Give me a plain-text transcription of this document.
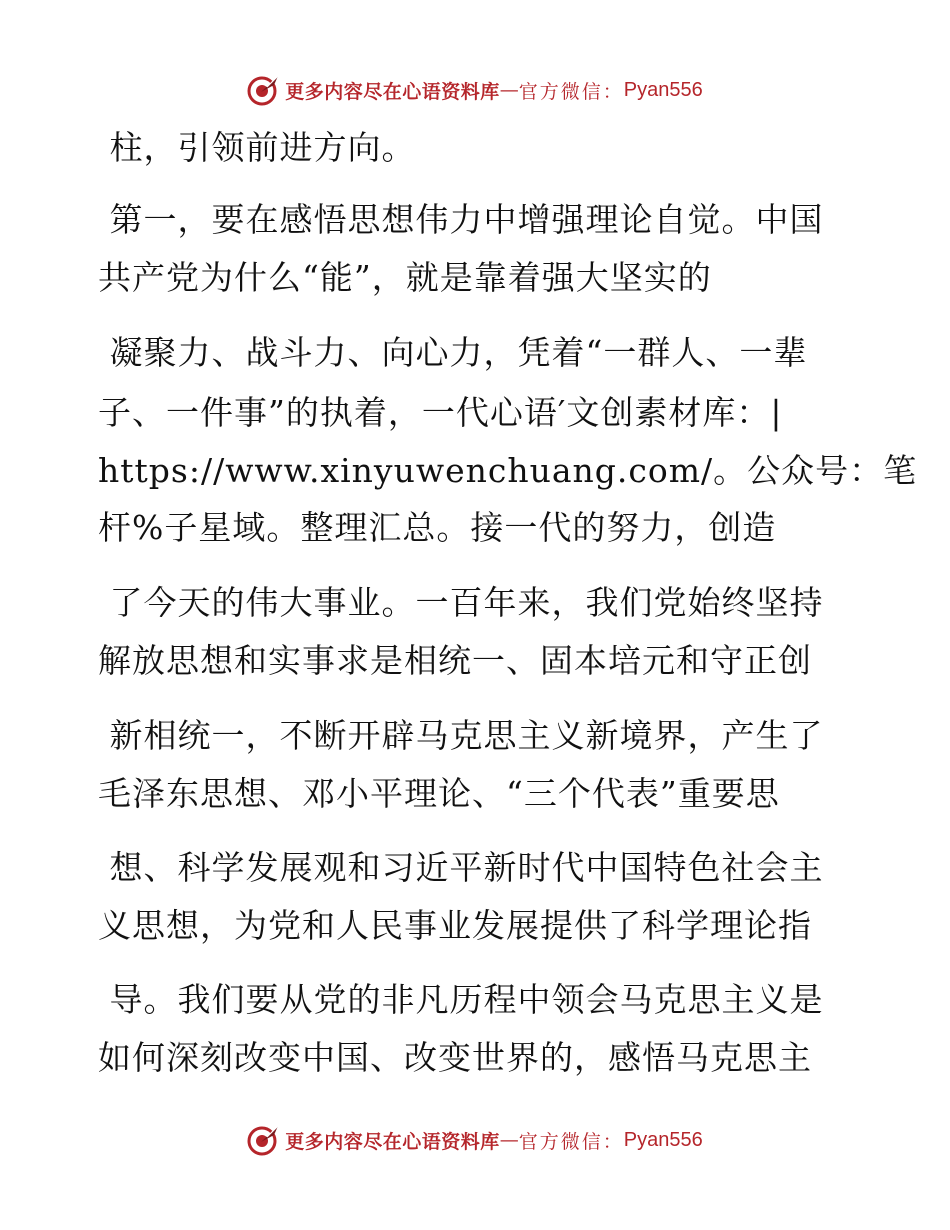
更多内容尽在心语资料库 — 官方微信： Pyan556
柱，引领前进方向。
第一，要在感悟思想伟力中增强理论自觉。中国
共产党为什么“能”，就是靠着强大坚实的
凝聚力、战斗力、向心力，凭着“一群人、一辈
子、一件事”的执着，一代心语′文创素材库：|
https://www.xinyuwenchuang.com/。公众号：笔
杆%子星域。整理汇总。接一代的努力，创造
了今天的伟大事业。一百年来，我们党始终坚持
解放思想和实事求是相统一、固本培元和守正创
新相统一，不断开辟马克思主义新境界，产生了
毛泽东思想、邓小平理论、“三个代表”重要思
想、科学发展观和习近平新时代中国特色社会主
义思想，为党和人民事业发展提供了科学理论指
导。我们要从党的非凡历程中领会马克思主义是
如何深刻改变中国、改变世界的，感悟马克思主
更多内容尽在心语资料库 — 官方微信： Pyan556
